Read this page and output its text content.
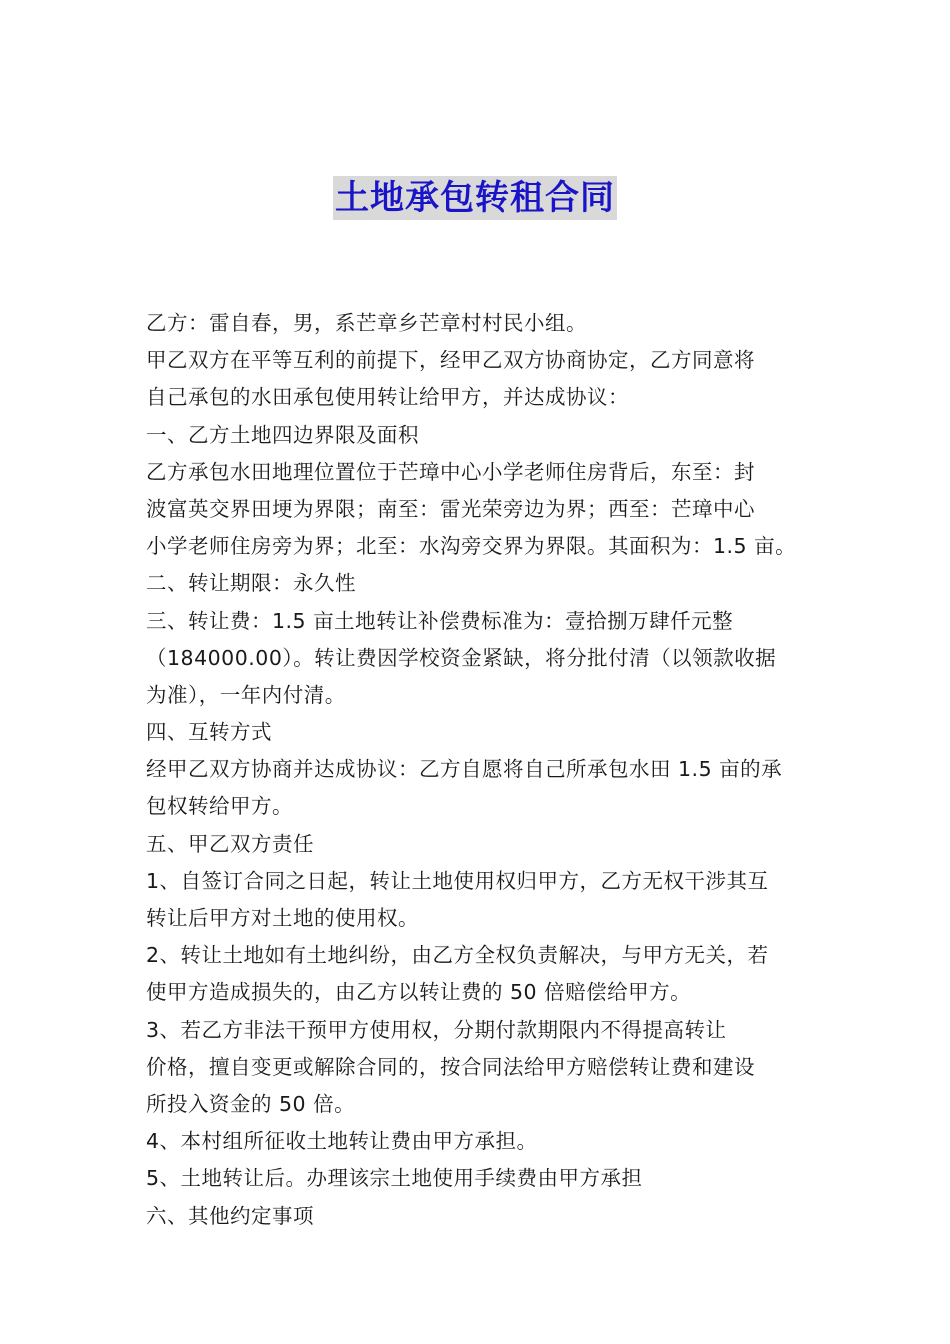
土地承包转租合同
乙方：雷自春，男，系芒章乡芒章村村民小组。
甲乙双方在平等互利的前提下，经甲乙双方协商协定，乙方同意将
自己承包的水田承包使用转让给甲方，并达成协议：
一、乙方土地四边界限及面积
乙方承包水田地理位置位于芒璋中心小学老师住房背后，东至：封
波富英交界田埂为界限；南至：雷光荣旁边为界；西至：芒璋中心
小学老师住房旁为界；北至：水沟旁交界为界限。其面积为：1.5 亩。
二、转让期限：永久性
三、转让费：1.5 亩土地转让补偿费标准为：壹拾捌万肆仟元整
（184000.00）。转让费因学校资金紧缺，将分批付清（以领款收据
为准），一年内付清。
四、互转方式
经甲乙双方协商并达成协议：乙方自愿将自己所承包水田 1.5 亩的承
包权转给甲方。
五、甲乙双方责任
1、自签订合同之日起，转让土地使用权归甲方，乙方无权干涉其互
转让后甲方对土地的使用权。
2、转让土地如有土地纠纷，由乙方全权负责解决，与甲方无关，若
使甲方造成损失的，由乙方以转让费的 50 倍赔偿给甲方。
3、若乙方非法干预甲方使用权，分期付款期限内不得提高转让
价格，擅自变更或解除合同的，按合同法给甲方赔偿转让费和建设
所投入资金的 50 倍。
4、本村组所征收土地转让费由甲方承担。
5、土地转让后。办理该宗土地使用手续费由甲方承担
六、其他约定事项
